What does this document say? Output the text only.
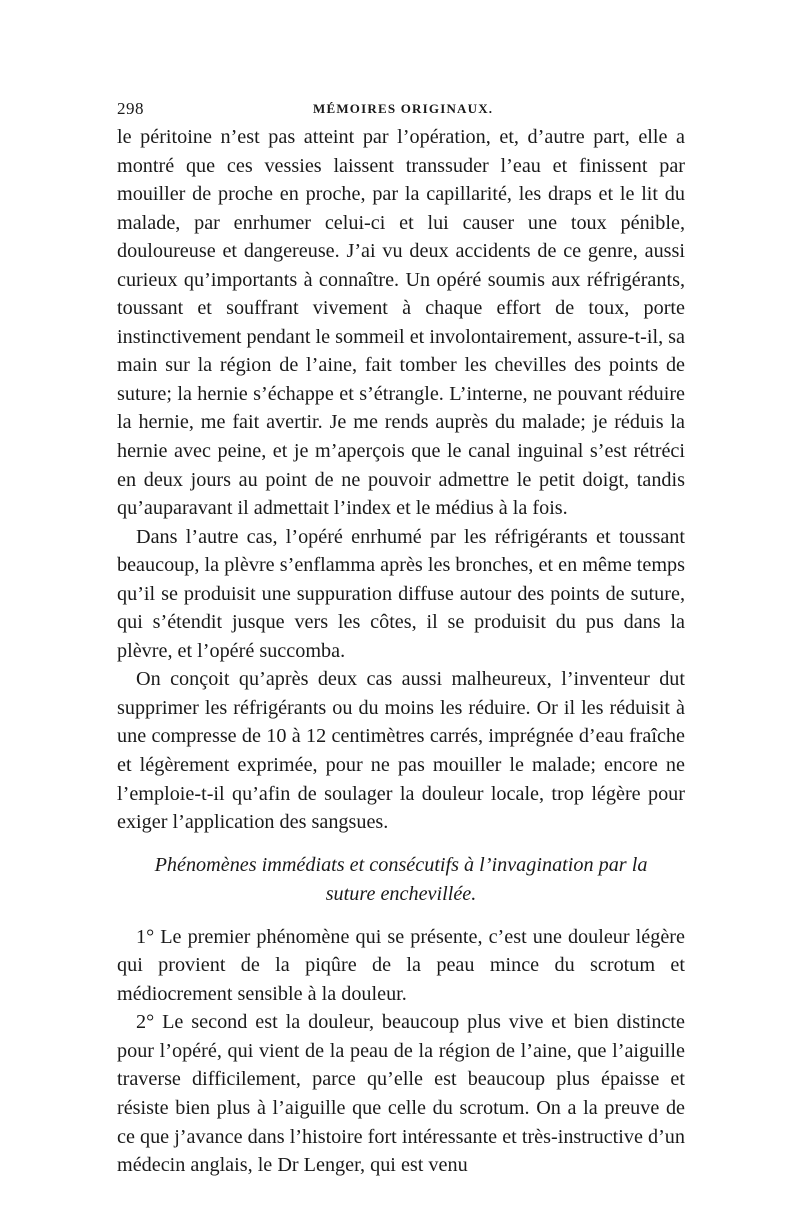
298	MÉMOIRES ORIGINAUX.

le péritoine n’est pas atteint par l’opération, et, d’autre part, elle a montré que ces vessies laissent transsuder l’eau et finissent par mouiller de proche en proche, par la capillarité, les draps et le lit du malade, par enrhumer celui-ci et lui causer une toux pénible, douloureuse et dangereuse. J’ai vu deux accidents de ce genre, aussi curieux qu’importants à connaître. Un opéré soumis aux réfrigérants, toussant et souffrant vivement à chaque effort de toux, porte instinctivement pendant le sommeil et involontairement, assure-t-il, sa main sur la région de l’aine, fait tomber les chevilles des points de suture; la hernie s’échappe et s’étrangle. L’interne, ne pouvant réduire la hernie, me fait avertir. Je me rends auprès du malade; je réduis la hernie avec peine, et je m’aperçois que le canal inguinal s’est rétréci en deux jours au point de ne pouvoir admettre le petit doigt, tandis qu’auparavant il admettait l’index et le médius à la fois.

Dans l’autre cas, l’opéré enrhumé par les réfrigérants et toussant beaucoup, la plèvre s’enflamma après les bronches, et en même temps qu’il se produisit une suppuration diffuse autour des points de suture, qui s’étendit jusque vers les côtes, il se produisit du pus dans la plèvre, et l’opéré succomba.

On conçoit qu’après deux cas aussi malheureux, l’inventeur dut supprimer les réfrigérants ou du moins les réduire. Or il les réduisit à une compresse de 10 à 12 centimètres carrés, imprégnée d’eau fraîche et légèrement exprimée, pour ne pas mouiller le malade; encore ne l’emploie-t-il qu’afin de soulager la douleur locale, trop légère pour exiger l’application des sangsues.

Phénomènes immédiats et consécutifs à l’invagination par la
suture enchevillée.

1° Le premier phénomène qui se présente, c’est une douleur légère qui provient de la piqûre de la peau mince du scrotum et médiocrement sensible à la douleur.

2° Le second est la douleur, beaucoup plus vive et bien distincte pour l’opéré, qui vient de la peau de la région de l’aine, que l’aiguille traverse difficilement, parce qu’elle est beaucoup plus épaisse et résiste bien plus à l’aiguille que celle du scrotum. On a la preuve de ce que j’avance dans l’histoire fort intéressante et très-instructive d’un médecin anglais, le Dr Lenger, qui est venu
